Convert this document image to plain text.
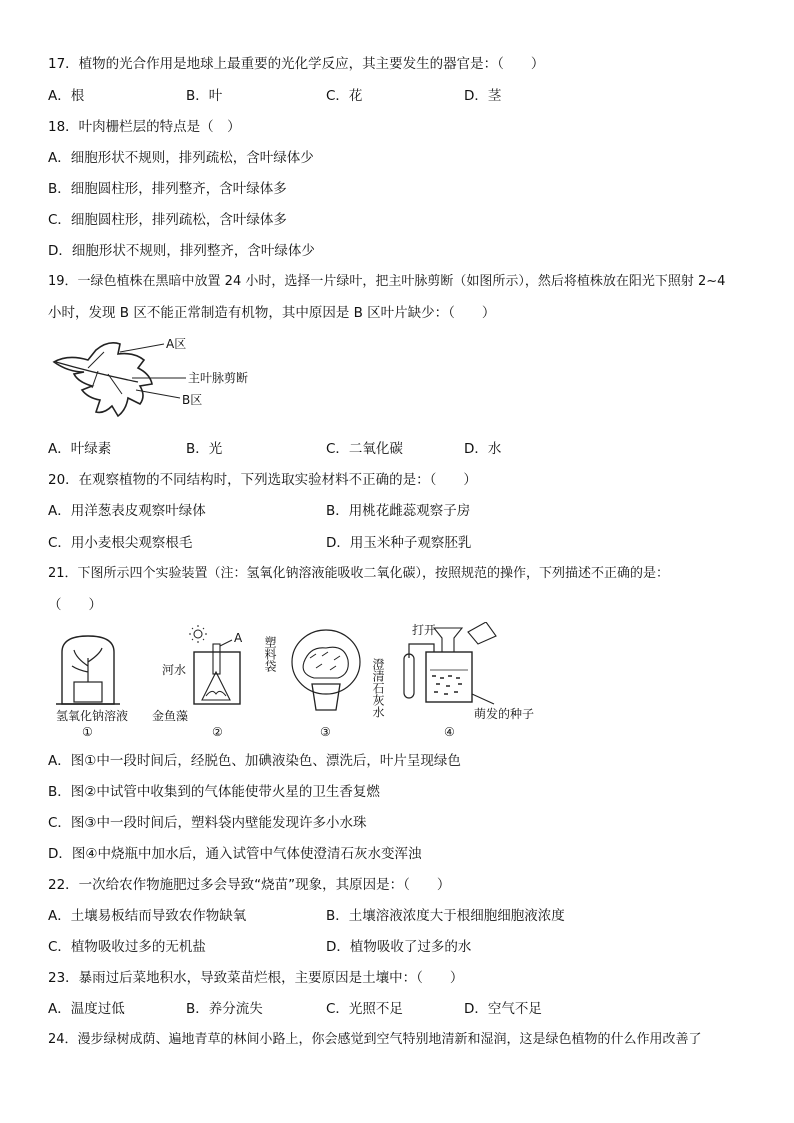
17．植物的光合作用是地球上最重要的光化学反应，其主要发生的器官是：（　　）
A．根	B．叶	C．花	D．茎
18．叶肉栅栏层的特点是（　）
A．细胞形状不规则，排列疏松，含叶绿体少
B．细胞圆柱形，排列整齐，含叶绿体多
C．细胞圆柱形，排列疏松，含叶绿体多
D．细胞形状不规则，排列整齐，含叶绿体少
19．一绿色植株在黑暗中放置 24 小时，选择一片绿叶，把主叶脉剪断（如图所示），然后将植株放在阳光下照射 2~4
小时，发现 B 区不能正常制造有机物，其中原因是 B 区叶片缺少：（　　）
A区
主叶脉剪断
B区
A．叶绿素	B．光	C．二氧化碳	D．水
20．在观察植物的不同结构时，下列选取实验材料不正确的是：（　　）
A．用洋葱表皮观察叶绿体	B．用桃花雌蕊观察子房
C．用小麦根尖观察根毛	D．用玉米种子观察胚乳
21．下图所示四个实验装置（注：氢氧化钠溶液能吸收二氧化碳），按照规范的操作，下列描述不正确的是：
（　　）
氢氧化钠溶液
①
A
河水
金鱼藻
②
塑料袋
③
打开
澄清石灰水	萌发的种子
④
A．图①中一段时间后，经脱色、加碘液染色、漂洗后，叶片呈现绿色
B．图②中试管中收集到的气体能使带火星的卫生香复燃
C．图③中一段时间后，塑料袋内壁能发现许多小水珠
D．图④中烧瓶中加水后，通入试管中气体使澄清石灰水变浑浊
22．一次给农作物施肥过多会导致“烧苗”现象，其原因是：（　　）
A．土壤易板结而导致农作物缺氧	B．土壤溶液浓度大于根细胞细胞液浓度
C．植物吸收过多的无机盐	D．植物吸收了过多的水
23．暴雨过后菜地积水，导致菜苗烂根，主要原因是土壤中：（　　）
A．温度过低	B．养分流失	C．光照不足	D．空气不足
24．漫步绿树成荫、遍地青草的林间小路上，你会感觉到空气特别地清新和湿润，这是绿色植物的什么作用改善了
